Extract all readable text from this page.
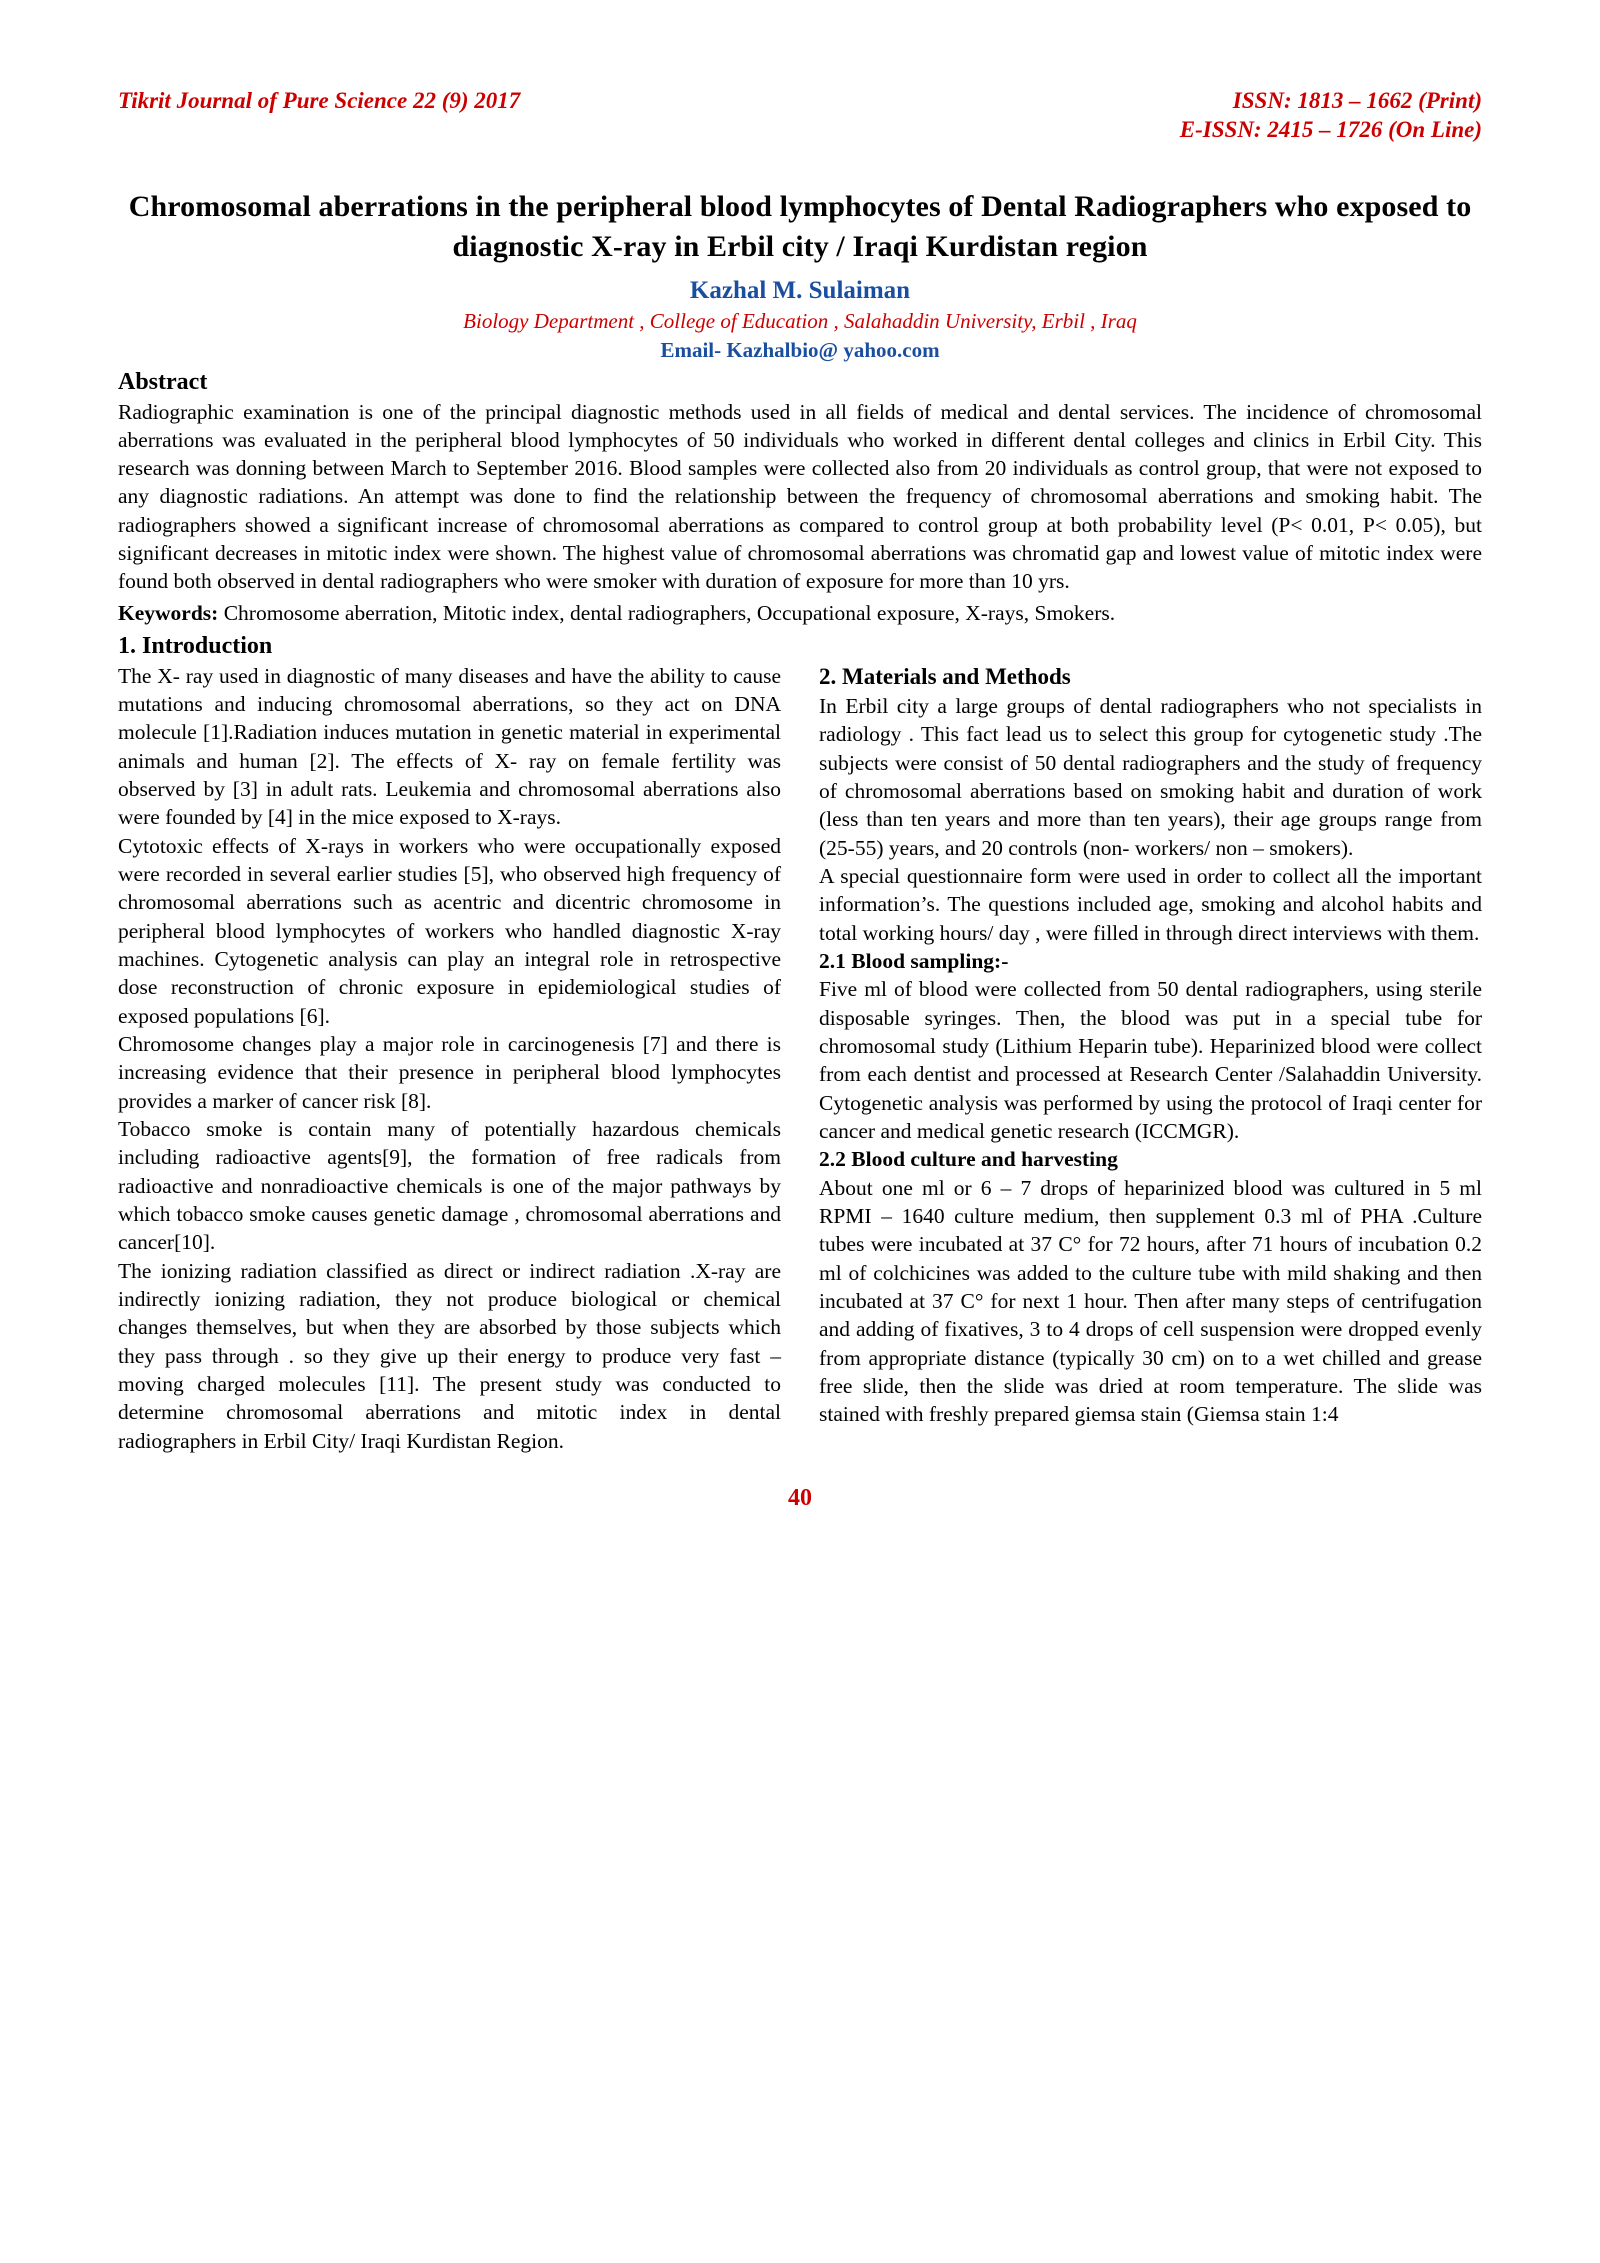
Tikrit Journal of Pure Science 22 (9) 2017	ISSN: 1813 – 1662 (Print)
E-ISSN: 2415 – 1726 (On Line)
Chromosomal aberrations in the peripheral blood lymphocytes of Dental Radiographers who exposed to diagnostic X-ray in Erbil city / Iraqi Kurdistan region
Kazhal M. Sulaiman
Biology Department , College of Education , Salahaddin University, Erbil , Iraq
Email- Kazhalbio@ yahoo.com
Abstract
Radiographic examination is one of the principal diagnostic methods used in all fields of medical and dental services. The incidence of chromosomal aberrations was evaluated in the peripheral blood lymphocytes of 50 individuals who worked in different dental colleges and clinics in Erbil City. This research was donning between March to September 2016. Blood samples were collected also from 20 individuals as control group, that were not exposed to any diagnostic radiations. An attempt was done to find the relationship between the frequency of chromosomal aberrations and smoking habit. The radiographers showed a significant increase of chromosomal aberrations as compared to control group at both probability level (P< 0.01, P< 0.05), but significant decreases in mitotic index were shown. The highest value of chromosomal aberrations was chromatid gap and lowest value of mitotic index were found both observed in dental radiographers who were smoker with duration of exposure for more than 10 yrs.
Keywords: Chromosome aberration, Mitotic index, dental radiographers, Occupational exposure, X-rays, Smokers.
1. Introduction

The X- ray used in diagnostic of many diseases and have the ability to cause mutations and inducing chromosomal aberrations, so they act on DNA molecule [1].Radiation induces mutation in genetic material in experimental animals and human [2]. The effects of X- ray on female fertility was observed by [3] in adult rats. Leukemia and chromosomal aberrations also were founded by [4] in the mice exposed to X-rays.

Cytotoxic effects of X-rays in workers who were occupationally exposed were recorded in several earlier studies [5], who observed high frequency of chromosomal aberrations such as acentric and dicentric chromosome in peripheral blood lymphocytes of workers who handled diagnostic X-ray machines. Cytogenetic analysis can play an integral role in retrospective dose reconstruction of chronic exposure in epidemiological studies of exposed populations [6].

Chromosome changes play a major role in carcinogenesis [7] and there is increasing evidence that their presence in peripheral blood lymphocytes provides a marker of cancer risk [8].

Tobacco smoke is contain many of potentially hazardous chemicals including radioactive agents[9], the formation of free radicals from radioactive and nonradioactive chemicals is one of the major pathways by which tobacco smoke causes genetic damage , chromosomal aberrations and cancer[10].

The ionizing radiation classified as direct or indirect radiation .X-ray are indirectly ionizing radiation, they not produce biological or chemical changes themselves, but when they are absorbed by those subjects which they pass through . so they give up their energy to produce very fast – moving charged molecules [11]. The present study was conducted to determine chromosomal aberrations and mitotic index in dental radiographers in Erbil City/ Iraqi Kurdistan Region.

2. Materials and Methods

In Erbil city a large groups of dental radiographers who not specialists in radiology . This fact lead us to select this group for cytogenetic study .The subjects were consist of 50 dental radiographers and the study of frequency of chromosomal aberrations based on smoking habit and duration of work (less than ten years and more than ten years), their age groups range from (25-55) years, and 20 controls (non- workers/ non – smokers).

A special questionnaire form were used in order to collect all the important information’s. The questions included age, smoking and alcohol habits and total working hours/ day , were filled in through direct interviews with them.

2.1 Blood sampling:-

Five ml of blood were collected from 50 dental radiographers, using sterile disposable syringes. Then, the blood was put in a special tube for chromosomal study (Lithium Heparin tube). Heparinized blood were collect from each dentist and processed at Research Center /Salahaddin University. Cytogenetic analysis was performed by using the protocol of Iraqi center for cancer and medical genetic research (ICCMGR).

2.2 Blood culture and harvesting

About one ml or 6 – 7 drops of heparinized blood was cultured in 5 ml RPMI – 1640 culture medium, then supplement 0.3 ml of PHA .Culture tubes were incubated at 37 C° for 72 hours, after 71 hours of incubation 0.2 ml of colchicines was added to the culture tube with mild shaking and then incubated at 37 C° for next 1 hour. Then after many steps of centrifugation and adding of fixatives, 3 to 4 drops of cell suspension were dropped evenly from appropriate distance (typically 30 cm) on to a wet chilled and grease free slide, then the slide was dried at room temperature. The slide was stained with freshly prepared giemsa stain (Giemsa stain 1:4

40
